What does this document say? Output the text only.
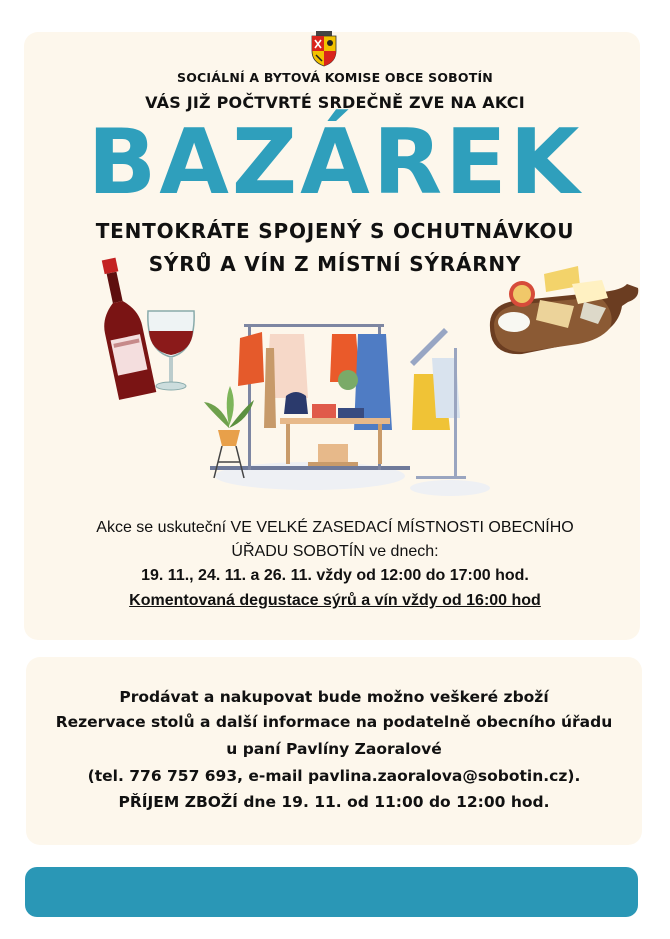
SOCIÁLNÍ A BYTOVÁ KOMISE OBCE SOBOTÍN
VÁS JIŽ POČTVRTÉ SRDEČNĚ ZVE NA AKCI
BAZÁREK
TENTOKRÁTE SPOJENÝ S OCHUTNÁVKOU
SÝRŮ A VÍN Z MÍSTNÍ SÝRÁRNY
Akce se uskuteční VE VELKÉ ZASEDACÍ MÍSTNOSTI OBECNÍHO
ÚŘADU SOBOTÍN ve dnech:
19. 11., 24. 11. a 26. 11. vždy od 12:00 do 17:00 hod.
Komentovaná degustace sýrů a vín vždy od 16:00 hod
Prodávat a nakupovat bude možno veškeré zboží
Rezervace stolů a další informace na podatelně obecního úřadu
u paní Pavlíny Zaoralové
(tel. 776 757 693, e-mail pavlina.zaoralova@sobotin.cz).
PŘÍJEM ZBOŽÍ dne 19. 11. od 11:00 do 12:00 hod.
